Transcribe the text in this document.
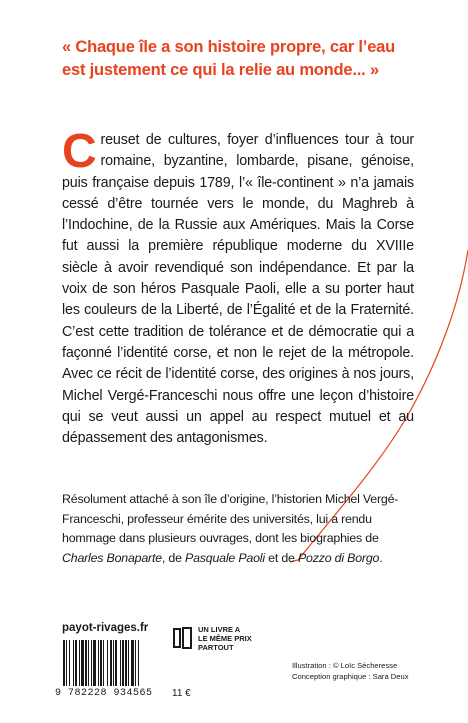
« Chaque île a son histoire propre, car l’eau est justement ce qui la relie au monde... »
Creuset de cultures, foyer d’influences tour à tour romaine, byzantine, lombarde, pisane, génoise, puis française depuis 1789, l’« île-continent » n’a jamais cessé d’être tournée vers le monde, du Maghreb à l’Indochine, de la Russie aux Amériques. Mais la Corse fut aussi la première république moderne du XVIIIe siècle à avoir revendiqué son indépendance. Et par la voix de son héros Pasquale Paoli, elle a su porter haut les couleurs de la Liberté, de l’Égalité et de la Fraternité. C’est cette tradition de tolérance et de démocratie qui a façonné l’identité corse, et non le rejet de la métropole. Avec ce récit de l’identité corse, des origines à nos jours, Michel Vergé-Franceschi nous offre une leçon d’histoire qui se veut aussi un appel au respect mutuel et au dépassement des antagonismes.
Résolument attaché à son île d’origine, l’historien Michel Vergé-Franceschi, professeur émérite des universités, lui a rendu hommage dans plusieurs ouvrages, dont les biographies de Charles Bonaparte, de Pasquale Paoli et de Pozzo di Borgo.
payot-rivages.fr	UN LIVRE A
LE MÊME PRIX
PARTOUT
9 782228 934565 11 €
Illustration : © Loïc Sécheresse
Conception graphique : Sara Deux
